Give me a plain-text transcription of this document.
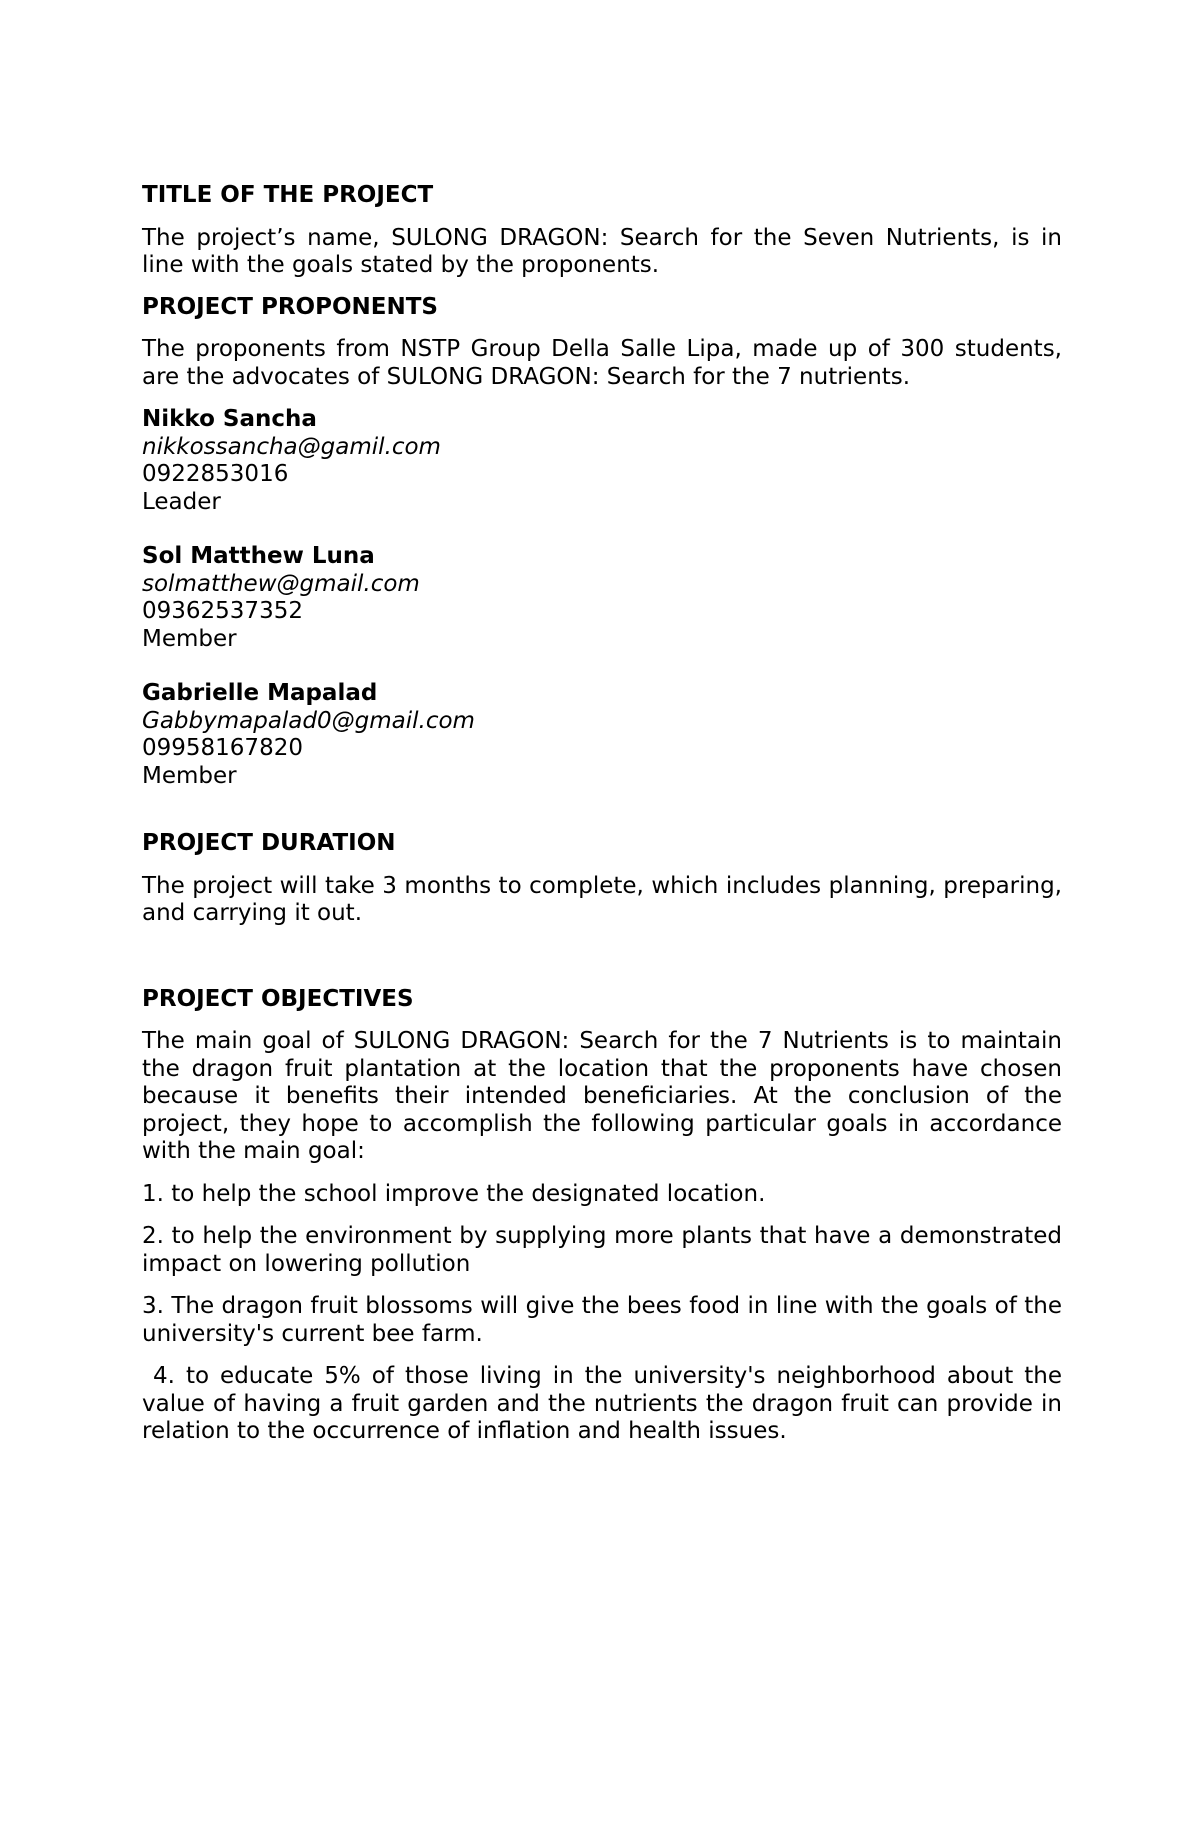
TITLE OF THE PROJECT

The project’s name, SULONG DRAGON: Search for the Seven Nutrients, is in line with the goals stated by the proponents.

PROJECT PROPONENTS

The proponents from NSTP Group Della Salle Lipa, made up of 300 students, are the advocates of SULONG DRAGON: Search for the 7 nutrients.

Nikko Sancha
nikkossancha@gamil.com
0922853016
Leader
Sol Matthew Luna
solmatthew@gmail.com
09362537352
Member
Gabrielle Mapalad
Gabbymapalad0@gmail.com
09958167820
Member

PROJECT DURATION

The project will take 3 months to complete, which includes planning, preparing, and carrying it out.

PROJECT OBJECTIVES

The main goal of SULONG DRAGON: Search for the 7 Nutrients is to maintain the dragon fruit plantation at the location that the proponents have chosen because it benefits their intended beneficiaries. At the conclusion of the project, they hope to accomplish the following particular goals in accordance with the main goal:

1. to help the school improve the designated location.

2. to help the environment by supplying more plants that have a demonstrated impact on lowering pollution

3. The dragon fruit blossoms will give the bees food in line with the goals of the university's current bee farm.

4. to educate 5% of those living in the university's neighborhood about the value of having a fruit garden and the nutrients the dragon fruit can provide in relation to the occurrence of inflation and health issues.
